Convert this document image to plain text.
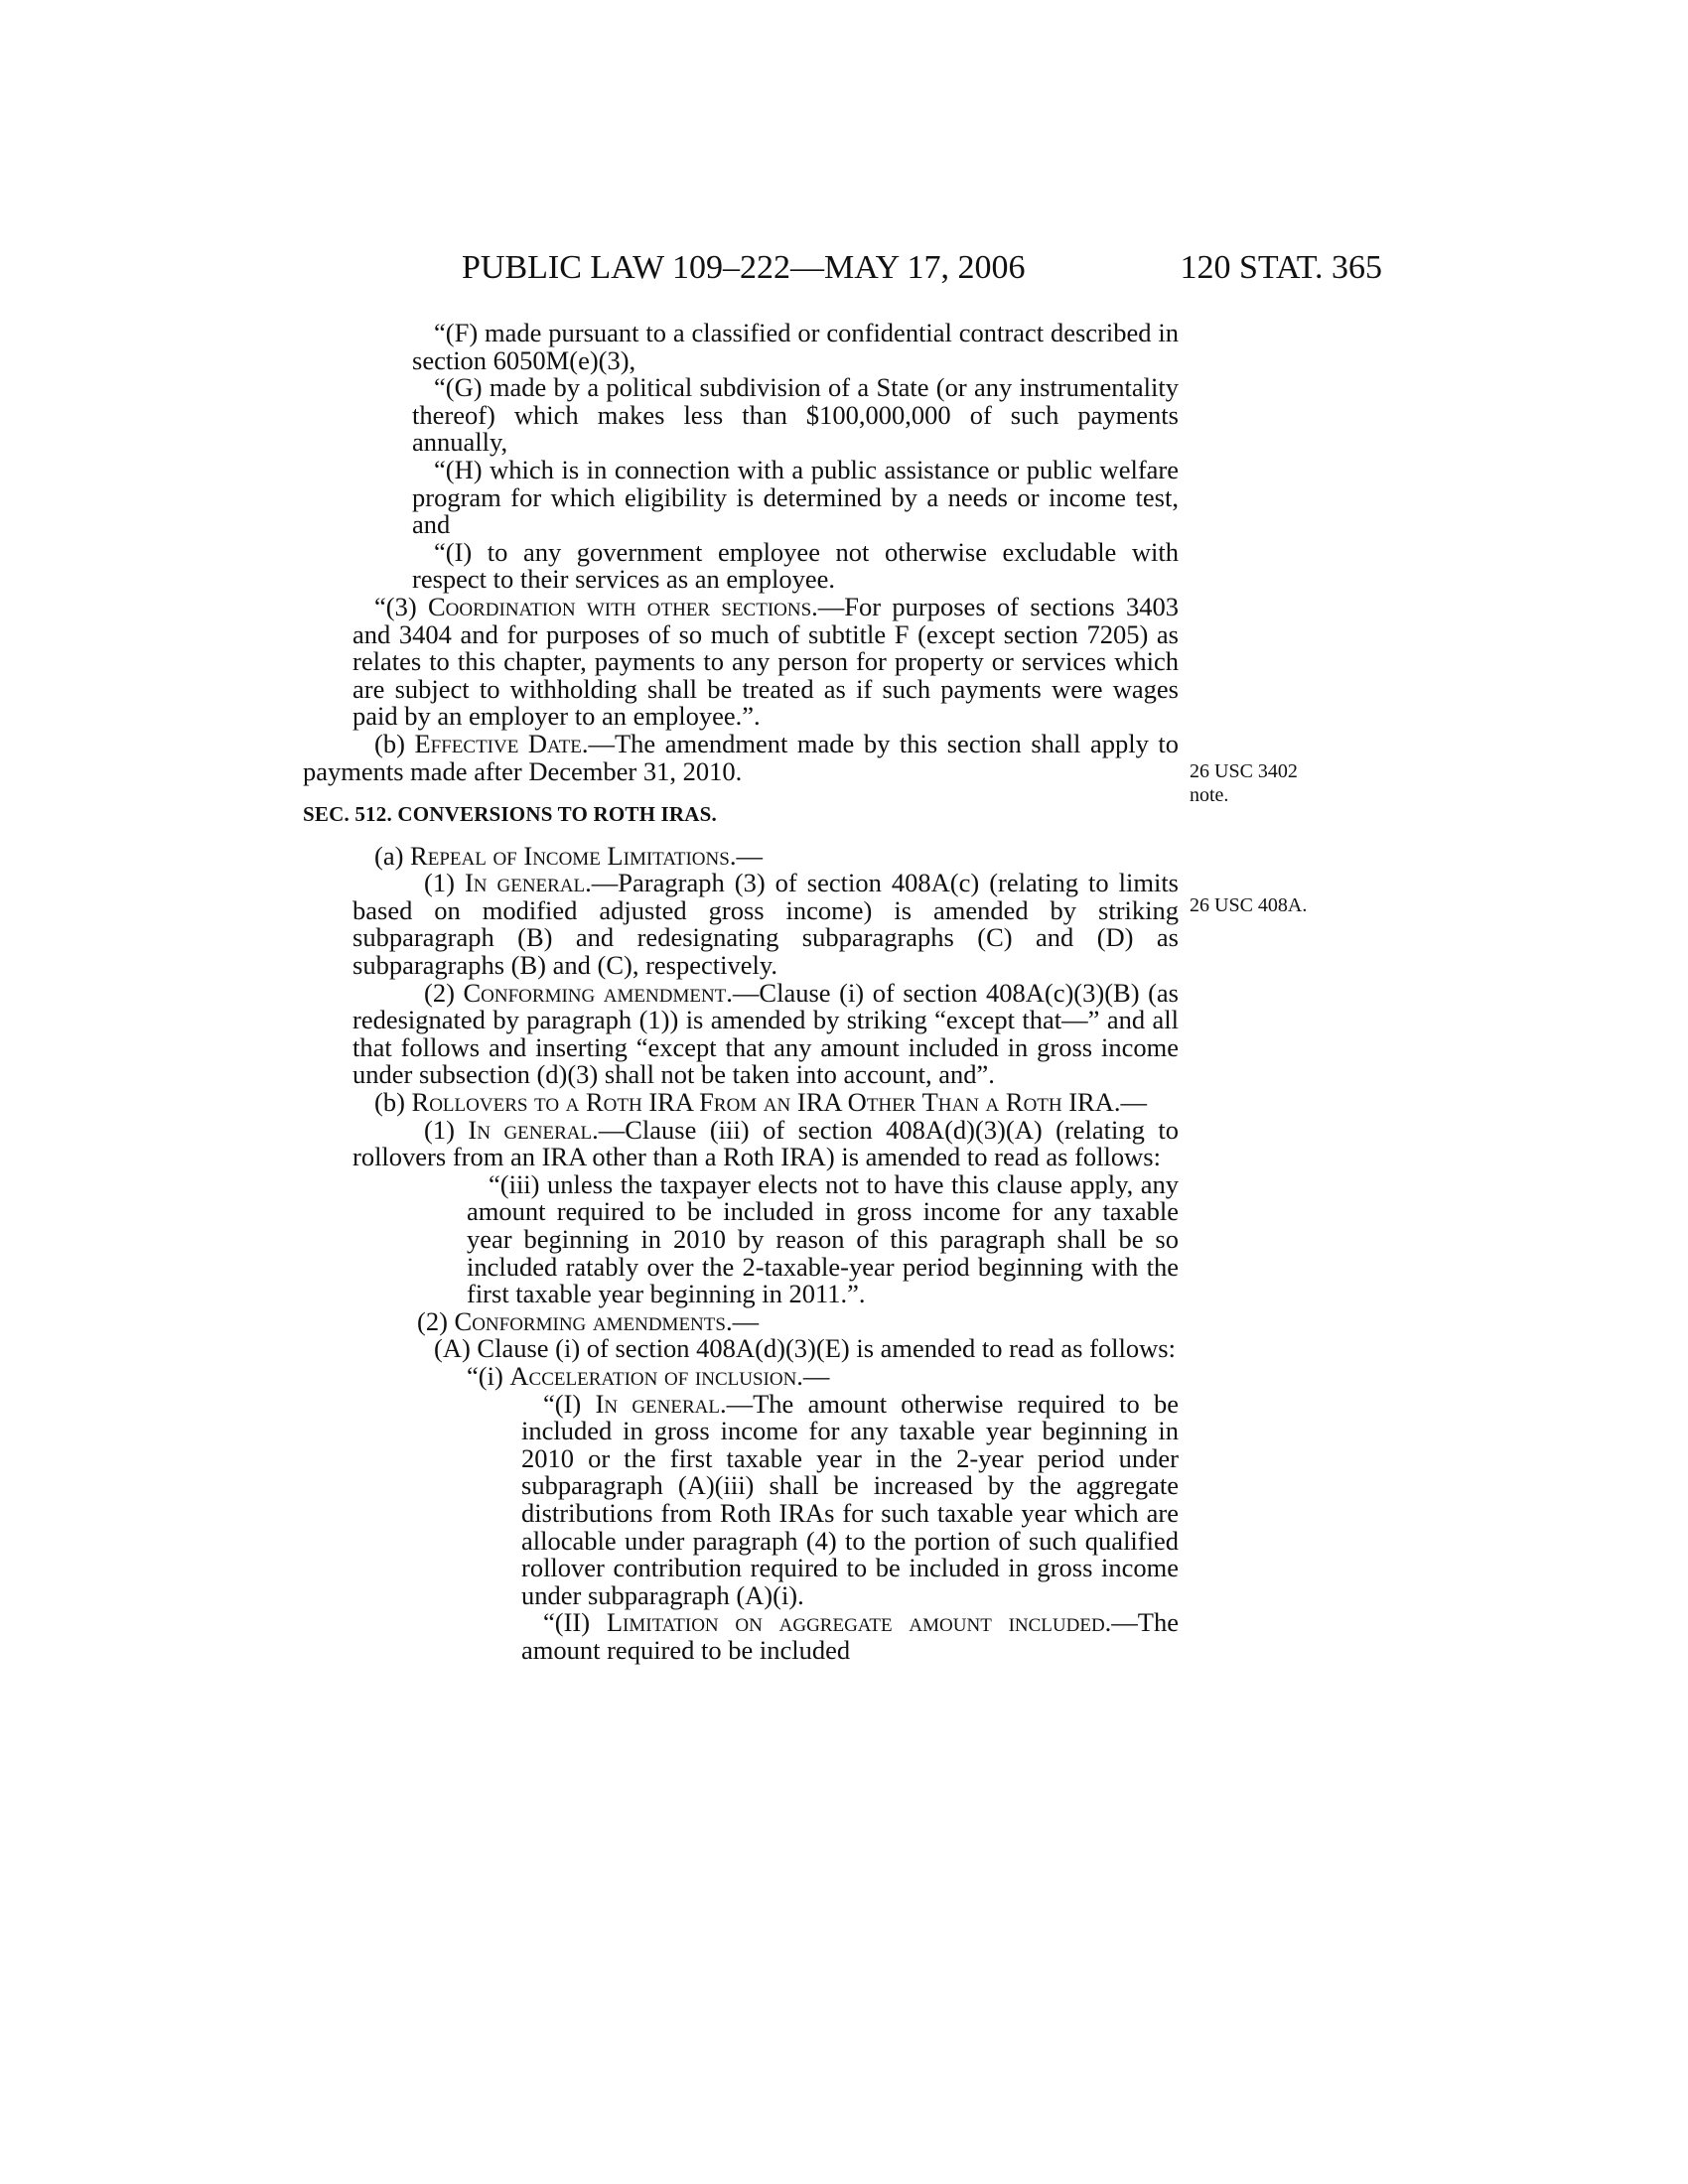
PUBLIC LAW 109–222—MAY 17, 2006	120 STAT. 365
26 USC 3402
note.
26 USC 408A.

“(F) made pursuant to a classified or confidential contract described in section 6050M(e)(3),

“(G) made by a political subdivision of a State (or any instrumentality thereof) which makes less than $100,000,000 of such payments annually,

“(H) which is in connection with a public assistance or public welfare program for which eligibility is determined by a needs or income test, and

“(I) to any government employee not otherwise excludable with respect to their services as an employee.

“(3) Coordination with other sections.—For purposes of sections 3403 and 3404 and for purposes of so much of subtitle F (except section 7205) as relates to this chapter, payments to any person for property or services which are subject to withholding shall be treated as if such payments were wages paid by an employer to an employee.”.

(b) Effective Date.—The amendment made by this section shall apply to payments made after December 31, 2010.

SEC. 512. CONVERSIONS TO ROTH IRAS.

(a) Repeal of Income Limitations.—

(1) In general.—Paragraph (3) of section 408A(c) (relating to limits based on modified adjusted gross income) is amended by striking subparagraph (B) and redesignating subparagraphs (C) and (D) as subparagraphs (B) and (C), respectively.

(2) Conforming amendment.—Clause (i) of section 408A(c)(3)(B) (as redesignated by paragraph (1)) is amended by striking “except that—” and all that follows and inserting “except that any amount included in gross income under subsection (d)(3) shall not be taken into account, and”.

(b) Rollovers to a Roth IRA From an IRA Other Than a Roth IRA.—

(1) In general.—Clause (iii) of section 408A(d)(3)(A) (relating to rollovers from an IRA other than a Roth IRA) is amended to read as follows:

“(iii) unless the taxpayer elects not to have this clause apply, any amount required to be included in gross income for any taxable year beginning in 2010 by reason of this paragraph shall be so included ratably over the 2-taxable-year period beginning with the first taxable year beginning in 2011.”.

(2) Conforming amendments.—

(A) Clause (i) of section 408A(d)(3)(E) is amended to read as follows:

“(i) Acceleration of inclusion.—

“(I) In general.—The amount otherwise required to be included in gross income for any taxable year beginning in 2010 or the first taxable year in the 2-year period under subparagraph (A)(iii) shall be increased by the aggregate distributions from Roth IRAs for such taxable year which are allocable under paragraph (4) to the portion of such qualified rollover contribution required to be included in gross income under subparagraph (A)(i).

“(II) Limitation on aggregate amount included.—The amount required to be included
